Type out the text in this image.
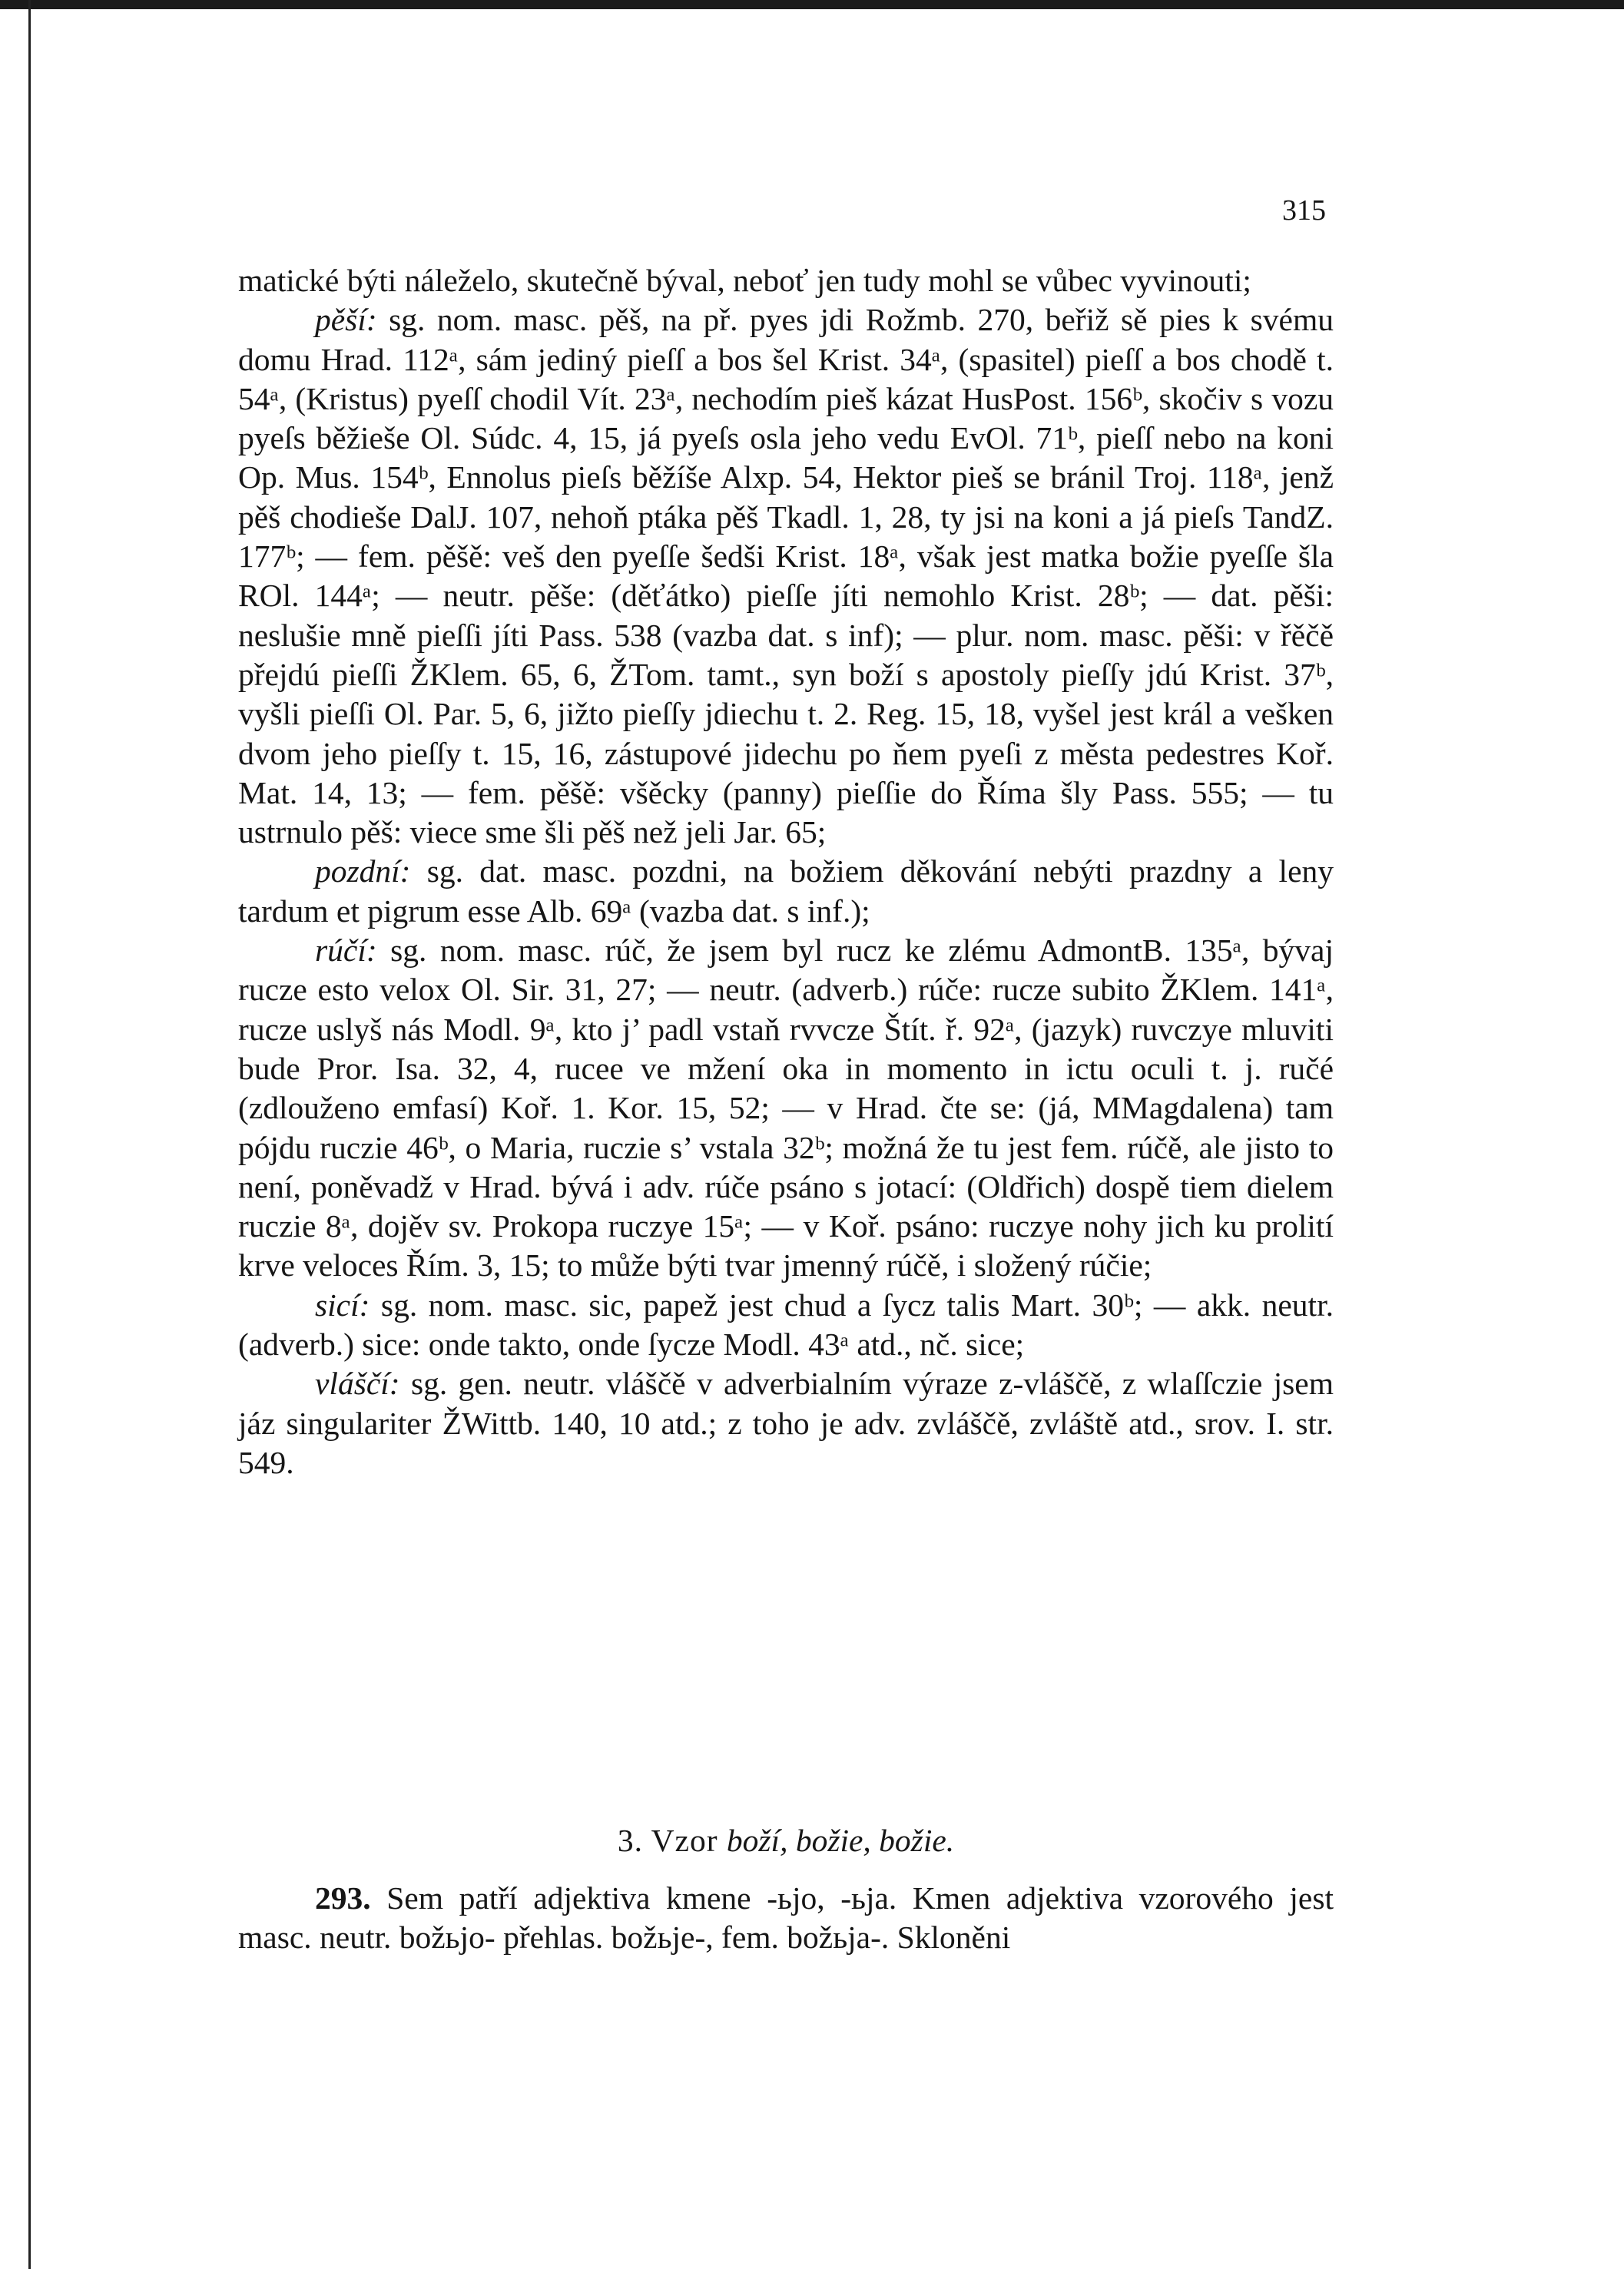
315

matické býti náleželo, skutečně býval, neboť jen tudy mohl se vůbec vyvinouti;

pěší: sg. nom. masc. pěš, na př. pyes jdi Rožmb. 270, beřiž sě pies k svému domu Hrad. 112ᵃ, sám jediný pieſſ a bos šel Krist. 34ᵃ, (spasitel) pieſſ a bos chodě t. 54ᵃ, (Kristus) pyeſſ chodil Vít. 23ᵃ, nechodím pieš kázat HusPost. 156ᵇ, skočiv s vozu pyeſs běžieše Ol. Súdc. 4, 15, já pyeſs osla jeho vedu EvOl. 71ᵇ, pieſſ nebo na koni Op. Mus. 154ᵇ, Ennolus pieſs běžíše Alxp. 54, Hektor pieš se bránil Troj. 118ᵃ, jenž pěš chodieše DalJ. 107, nehoň ptáka pěš Tkadl. 1, 28, ty jsi na koni a já pieſs TandZ. 177ᵇ; — fem. pěšě: veš den pyeſſe šedši Krist. 18ᵃ, však jest matka božie pyeſſe šla ROl. 144ᵃ; — neutr. pěše: (děťátko) pieſſe jíti nemohlo Krist. 28ᵇ; — dat. pěši: neslušie mně pieſſi jíti Pass. 538 (vazba dat. s inf); — plur. nom. masc. pěši: v řěčě přejdú pieſſi ŽKlem. 65, 6, ŽTom. tamt., syn boží s apostoly pieſſy jdú Krist. 37ᵇ, vyšli pieſſi Ol. Par. 5, 6, jižto pieſſy jdiechu t. 2. Reg. 15, 18, vyšel jest král a vešken dvom jeho pieſſy t. 15, 16, zástupové jidechu po ňem pyeſi z města pedestres Koř. Mat. 14, 13; — fem. pěšě: všěcky (panny) pieſſie do Říma šly Pass. 555; — tu ustrnulo pěš: viece sme šli pěš než jeli Jar. 65;

pozdní: sg. dat. masc. pozdni, na božiem děkování nebýti prazdny a leny tardum et pigrum esse Alb. 69ᵃ (vazba dat. s inf.);

rúčí: sg. nom. masc. rúč, že jsem byl rucz ke zlému AdmontB. 135ᵃ, bývaj rucze esto velox Ol. Sir. 31, 27; — neutr. (adverb.) rúče: rucze subito ŽKlem. 141ᵃ, rucze uslyš nás Modl. 9ᵃ, kto j’ padl vstaň rvvcze Štít. ř. 92ᵃ, (jazyk) ruvczye mluviti bude Pror. Isa. 32, 4, rucee ve mžení oka in momento in ictu oculi t. j. ručé (zdlouženo emfasí) Koř. 1. Kor. 15, 52; — v Hrad. čte se: (já, MMagdalena) tam pójdu ruczie 46ᵇ, o Maria, ruczie s’ vstala 32ᵇ; možná že tu jest fem. rúčě, ale jisto to není, poněvadž v Hrad. bývá i adv. rúče psáno s jotací: (Oldřich) dospě tiem dielem ruczie 8ᵃ, dojěv sv. Prokopa ruczye 15ᵃ; — v Koř. psáno: ruczye nohy jich ku prolití krve veloces Řím. 3, 15; to může býti tvar jmenný rúčě, i složený rúčie;

sicí: sg. nom. masc. sic, papež jest chud a ſycz talis Mart. 30ᵇ; — akk. neutr. (adverb.) sice: onde takto, onde ſycze Modl. 43ᵃ atd., nč. sice;

vláščí: sg. gen. neutr. vláščě v adverbialním výraze z-vláščě, z wlaſſczie jsem jáz singulariter ŽWittb. 140, 10 atd.; z toho je adv. zvláščě, zvláště atd., srov. I. str. 549.

3. Vzor boží, božie, božie.

293. Sem patří adjektiva kmene -ьjo, -ьja. Kmen adjektiva vzorového jest masc. neutr. božьjo- přehlas. božьje-, fem. božьja-. Skloněni
